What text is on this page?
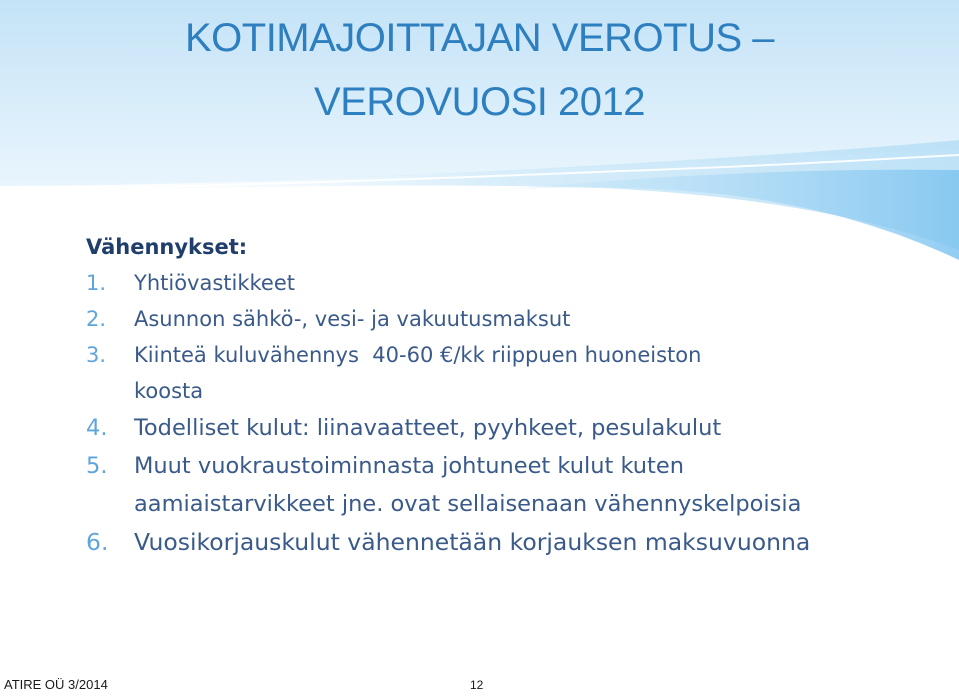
KOTIMAJOITTAJAN VEROTUS –
VEROVUOSI 2012
Vähennykset:
1. Yhtiövastikkeet
2. Asunnon sähkö-, vesi- ja vakuutusmaksut
3. Kiinteä kuluvähennys  40-60 €/kk riippuen huoneiston
koosta
4. Todelliset kulut: liinavaatteet, pyyhkeet, pesulakulut
5. Muut vuokraustoiminnasta johtuneet kulut kuten
aamiaistarvikkeet jne. ovat sellaisenaan vähennyskelpoisia
6. Vuosikorjauskulut vähennetään korjauksen maksuvuonna
ATIRE OÜ 3/2014	12
